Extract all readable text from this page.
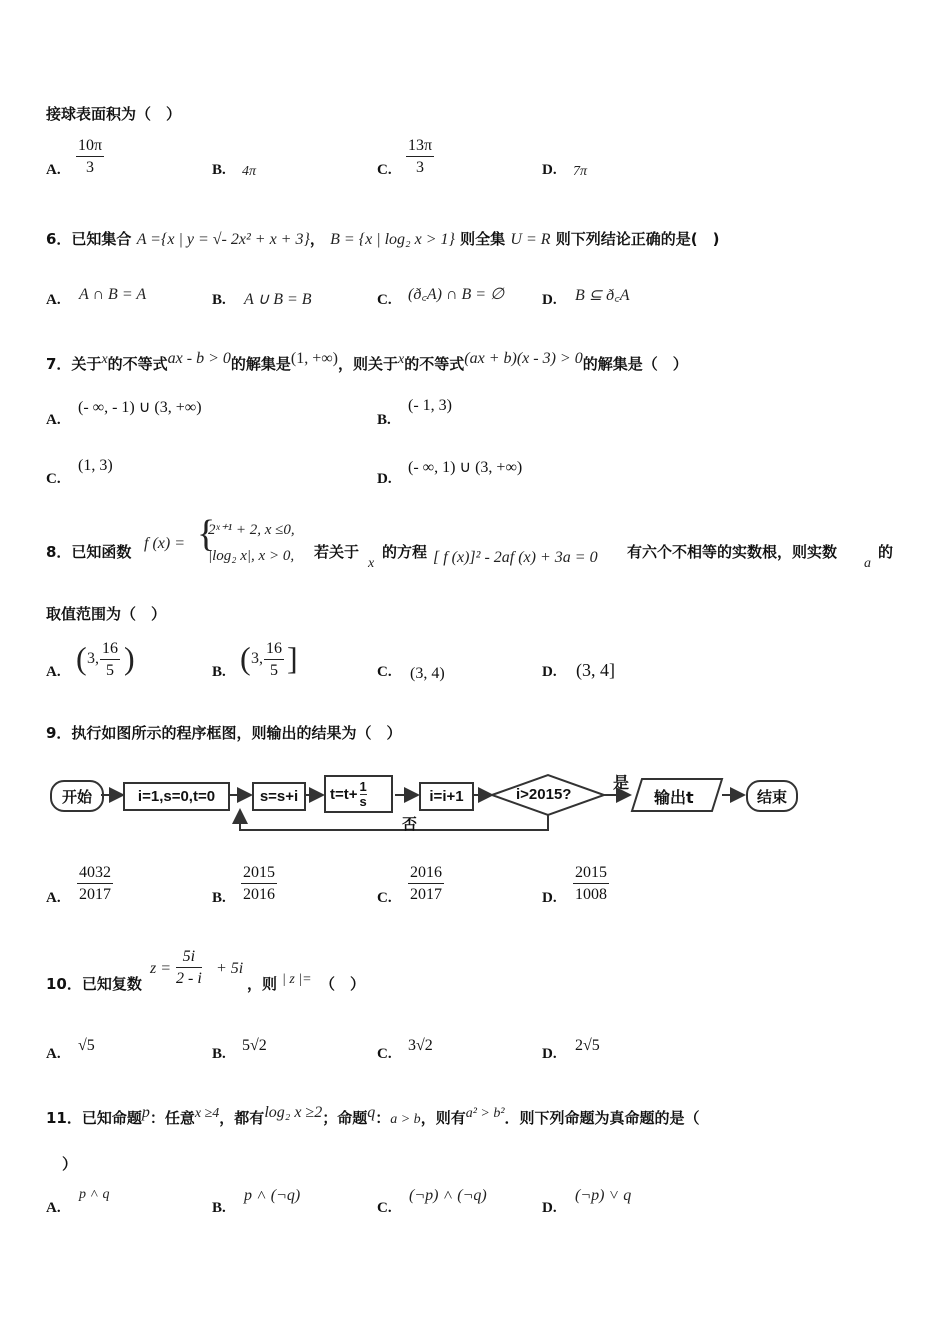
接球表面积为（　）
A. $\frac{10\pi}{3}$	B. 4π	C. $\frac{13\pi}{3}$	D. 7π
6．已知集合 A ={x | y = √- 2x² + x + 3}， B = {x | log₂ x > 1} 则全集 U = R 则下列结论正确的是(　)
A. A ∩ B = A	B. A ∪ B = B	C. (ð꜀A) ∩ B = ∅	D. B ⊆ ð꜀A
7．关于$^x$的不等式$^{ax - b > 0}$的解集是$^{(1, +\infty)}$，则关于$^x$的不等式$^{(ax + b)(x - 3) > 0}$的解集是（　）
A.
(- ∞, - 1) ∪ (3, +∞)
B.
(- 1, 3)
C.
(1, 3)
D.
(- ∞, 1) ∪ (3, +∞)
8．已知函数 f (x) = {
2ˣ⁺¹ + 2, x ≤0,
|log₂ x|, x > 0, 若关于
x
的方程 [ f (x)]² - 2af (x) + 3a = 0 有六个不相等的实数根，则实数
a
的
取值范围为（　）
A. ( 3, $\frac{16}{5}$ )	B. ( 3, $\frac{16}{5}$ ]	C. (3, 4)	D. (3, 4]
9．执行如图所示的程序框图，则输出的结果为（　）
开始	i=1,s=0,t=0	s=s+i	$t=t+ \frac{1}{s}$	i=i+1	i>2015?
是
否
输出t	结束
A. $\frac{4032}{2017}$	B. $\frac{2015}{2016}$	C. $\frac{2016}{2017}$	D. $\frac{2015}{1008}$
10．已知复数
$z = \frac{5i}{2 - i} + 5i$
，则 | z |= （　）
A. √5	B. 5√2	C. 3√2	D. 2√5
11．已知命题$^p$：任意$^{x \ge 4}$，都有$^{log_2 x \ge 2}$；命题$^q$：a > b，则有$^{a^2 > b^2}$．则下列命题为真命题的是（
）
A.
p ˄ q
B.
p ˄ (¬q)
C.
(¬p) ˄ (¬q)
D.
(¬p) ˅ q
